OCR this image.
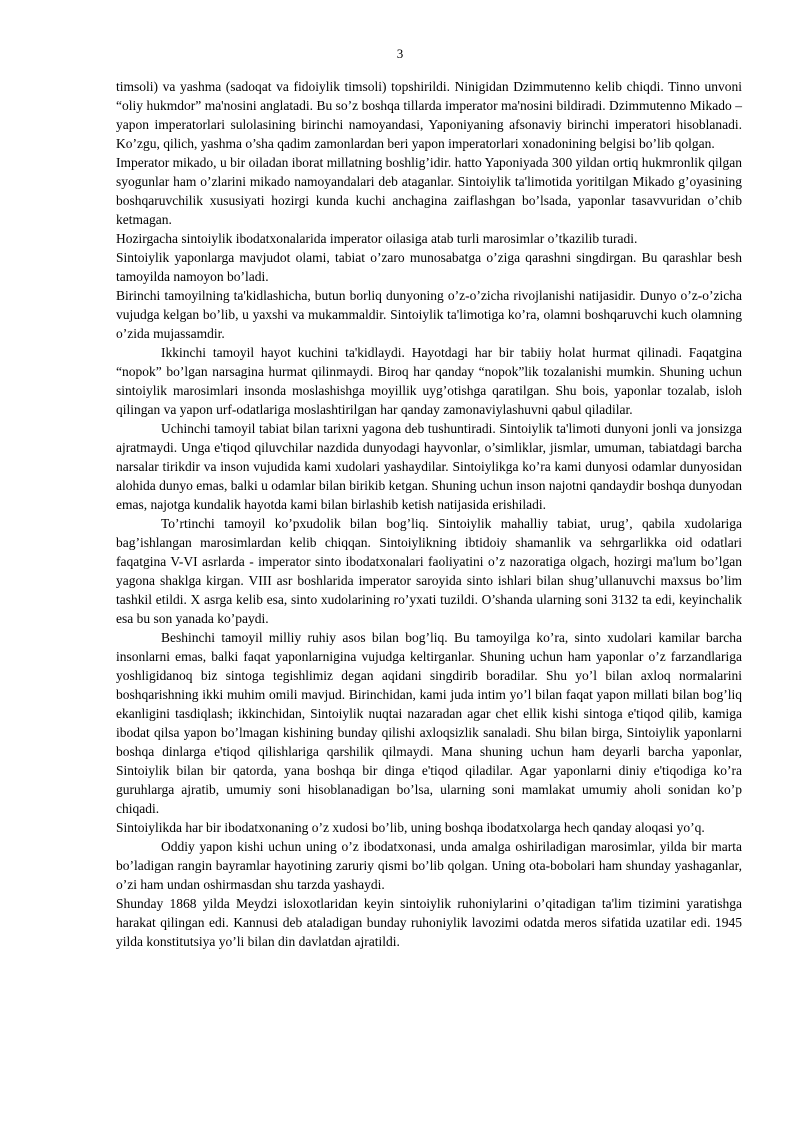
3

timsoli) va yashma (sadoqat va fidoiylik timsoli) topshirildi. Ninigidan Dzimmutenno kelib chiqdi. Tinno unvoni “oliy hukmdor” ma'nosini anglatadi. Bu so’z boshqa tillarda imperator ma'nosini bildiradi. Dzimmutenno Mikado – yapon imperatorlari sulolasining birinchi namoyandasi, Yaponiyaning afsonaviy birinchi imperatori hisoblanadi. Ko’zgu, qilich, yashma o’sha qadim zamonlardan beri yapon imperatorlari xonadonining belgisi bo’lib qolgan.

Imperator mikado, u bir oiladan iborat millatning boshlig’idir. hatto Yaponiyada 300 yildan ortiq hukmronlik qilgan syogunlar ham o’zlarini mikado namoyandalari deb ataganlar. Sintoiylik ta'limotida yoritilgan Mikado g’oyasining boshqaruvchilik xususiyati hozirgi kunda kuchi anchagina zaiflashgan bo’lsada, yaponlar tasavvuridan o’chib ketmagan.

Hozirgacha sintoiylik ibodatxonalarida imperator oilasiga atab turli marosimlar o’tkazilib turadi.

Sintoiylik yaponlarga mavjudot olami, tabiat o’zaro munosabatga o’ziga qarashni singdirgan. Bu qarashlar besh tamoyilda namoyon bo’ladi.

Birinchi tamoyilning ta'kidlashicha, butun borliq dunyoning o’z-o’zicha rivojlanishi natijasidir. Dunyo o’z-o’zicha vujudga kelgan bo’lib, u yaxshi va mukammaldir. Sintoiylik ta'limotiga ko’ra, olamni boshqaruvchi kuch olamning o’zida mujassamdir.

Ikkinchi tamoyil hayot kuchini ta'kidlaydi. Hayotdagi har bir tabiiy holat hurmat qilinadi. Faqatgina “nopok” bo’lgan narsagina hurmat qilinmaydi. Biroq har qanday “nopok”lik tozalanishi mumkin. Shuning uchun sintoiylik marosimlari insonda moslashishga moyillik uyg’otishga qaratilgan. Shu bois, yaponlar tozalab, isloh qilingan va yapon urf-odatlariga moslashtirilgan har qanday zamonaviylashuvni qabul qiladilar.

Uchinchi tamoyil tabiat bilan tarixni yagona deb tushuntiradi. Sintoiylik ta'limoti dunyoni jonli va jonsizga ajratmaydi. Unga e'tiqod qiluvchilar nazdida dunyodagi hayvonlar, o’simliklar, jismlar, umuman, tabiatdagi barcha narsalar tirikdir va inson vujudida kami xudolari yashaydilar. Sintoiylikga ko’ra kami dunyosi odamlar dunyosidan alohida dunyo emas, balki u odamlar bilan birikib ketgan. Shuning uchun inson najotni qandaydir boshqa dunyodan emas, najotga kundalik hayotda kami bilan birlashib ketish natijasida erishiladi.

To’rtinchi tamoyil ko’pxudolik bilan bog’liq. Sintoiylik mahalliy tabiat, urug’, qabila xudolariga bag’ishlangan marosimlardan kelib chiqqan. Sintoiylikning ibtidoiy shamanlik va sehrgarlikka oid odatlari faqatgina V-VI asrlarda - imperator sinto ibodatxonalari faoliyatini o’z nazoratiga olgach, hozirgi ma'lum bo’lgan yagona shaklga kirgan. VIII asr boshlarida imperator saroyida sinto ishlari bilan shug’ullanuvchi maxsus bo’lim tashkil etildi. X asrga kelib esa, sinto xudolarining ro’yxati tuzildi. O’shanda ularning soni 3132 ta edi, keyinchalik esa bu son yanada ko’paydi.

Beshinchi tamoyil milliy ruhiy asos bilan bog’liq. Bu tamoyilga ko’ra, sinto xudolari kamilar barcha insonlarni emas, balki faqat yaponlarnigina vujudga keltirganlar. Shuning uchun ham yaponlar o’z farzandlariga yoshligidanoq biz sintoga tegishlimiz degan aqidani singdirib boradilar. Shu yo’l bilan axloq normalarini boshqarishning ikki muhim omili mavjud. Birinchidan, kami juda intim yo’l bilan faqat yapon millati bilan bog’liq ekanligini tasdiqlash; ikkinchidan, Sintoiylik nuqtai nazaradan agar chet ellik kishi sintoga e'tiqod qilib, kamiga ibodat qilsa yapon bo’lmagan kishining bunday qilishi axloqsizlik sanaladi. Shu bilan birga, Sintoiylik yaponlarni boshqa dinlarga e'tiqod qilishlariga qarshilik qilmaydi. Mana shuning uchun ham deyarli barcha yaponlar, Sintoiylik bilan bir qatorda, yana boshqa bir dinga e'tiqod qiladilar. Agar yaponlarni diniy e'tiqodiga ko’ra guruhlarga ajratib, umumiy soni hisoblanadigan bo’lsa, ularning soni mamlakat umumiy aholi sonidan ko’p chiqadi.

Sintoiylikda har bir ibodatxonaning o’z xudosi bo’lib, uning boshqa ibodatxolarga hech qanday aloqasi yo’q.

Oddiy yapon kishi uchun uning o’z ibodatxonasi, unda amalga oshiriladigan marosimlar, yilda bir marta bo’ladigan rangin bayramlar hayotining zaruriy qismi bo’lib qolgan. Uning ota-bobolari ham shunday yashaganlar, o’zi ham undan oshirmasdan shu tarzda yashaydi.

Shunday 1868 yilda Meydzi isloxotlaridan keyin sintoiylik ruhoniylarini o’qitadigan ta'lim tizimini yaratishga harakat qilingan edi. Kannusi deb ataladigan bunday ruhoniylik lavozimi odatda meros sifatida uzatilar edi. 1945 yilda konstitutsiya yo’li bilan din davlatdan ajratildi.
